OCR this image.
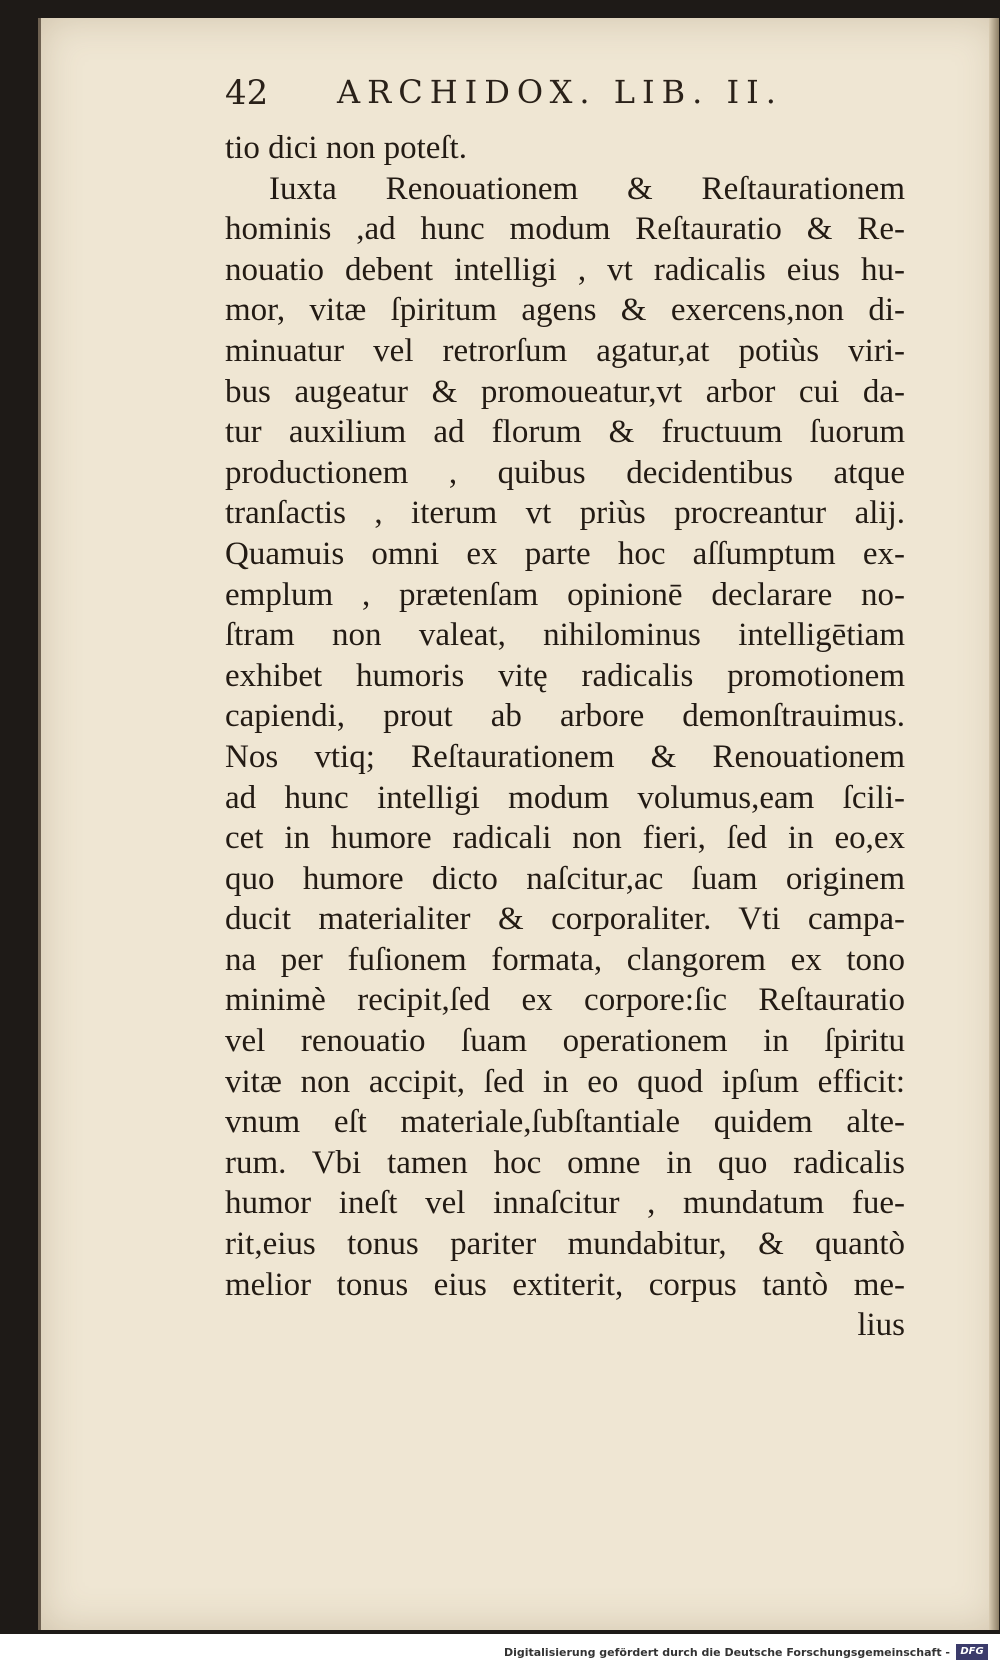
42 ARCHIDOX. LIB. II.
tio dici non poteſt.
Iuxta Renouationem & Reſtaurationem
hominis ,ad hunc modum Reſtauratio & Re-
nouatio debent intelligi , vt radicalis eius hu-
mor, vitæ ſpiritum agens & exercens,non di-
minuatur vel retrorſum agatur,at potiùs viri-
bus augeatur & promoueatur,vt arbor cui da-
tur auxilium ad florum & fructuum ſuorum
productionem , quibus decidentibus atque
tranſactis , iterum vt priùs procreantur alij.
Quamuis omni ex parte hoc aſſumptum ex-
emplum , prætenſam opinionē declarare no-
ſtram non valeat, nihilominus intelligētiam
exhibet humoris vitę radicalis promotionem
capiendi, prout ab arbore demonſtrauimus.
Nos vtiq; Reſtaurationem & Renouationem
ad hunc intelligi modum volumus,eam ſcili-
cet in humore radicali non fieri, ſed in eo,ex
quo humore dicto naſcitur,ac ſuam originem
ducit materialiter & corporaliter. Vti campa-
na per fuſionem formata, clangorem ex tono
minimè recipit,ſed ex corpore:ſic Reſtauratio
vel renouatio ſuam operationem in ſpiritu
vitæ non accipit, ſed in eo quod ipſum efficit:
vnum eſt materiale,ſubſtantiale quidem alte-
rum. Vbi tamen hoc omne in quo radicalis
humor ineſt vel innaſcitur , mundatum fue-
rit,eius tonus pariter mundabitur, & quantò
melior tonus eius extiterit, corpus tantò me-
lius
Digitalisierung gefördert durch die Deutsche Forschungsgemeinschaft -	DFG
